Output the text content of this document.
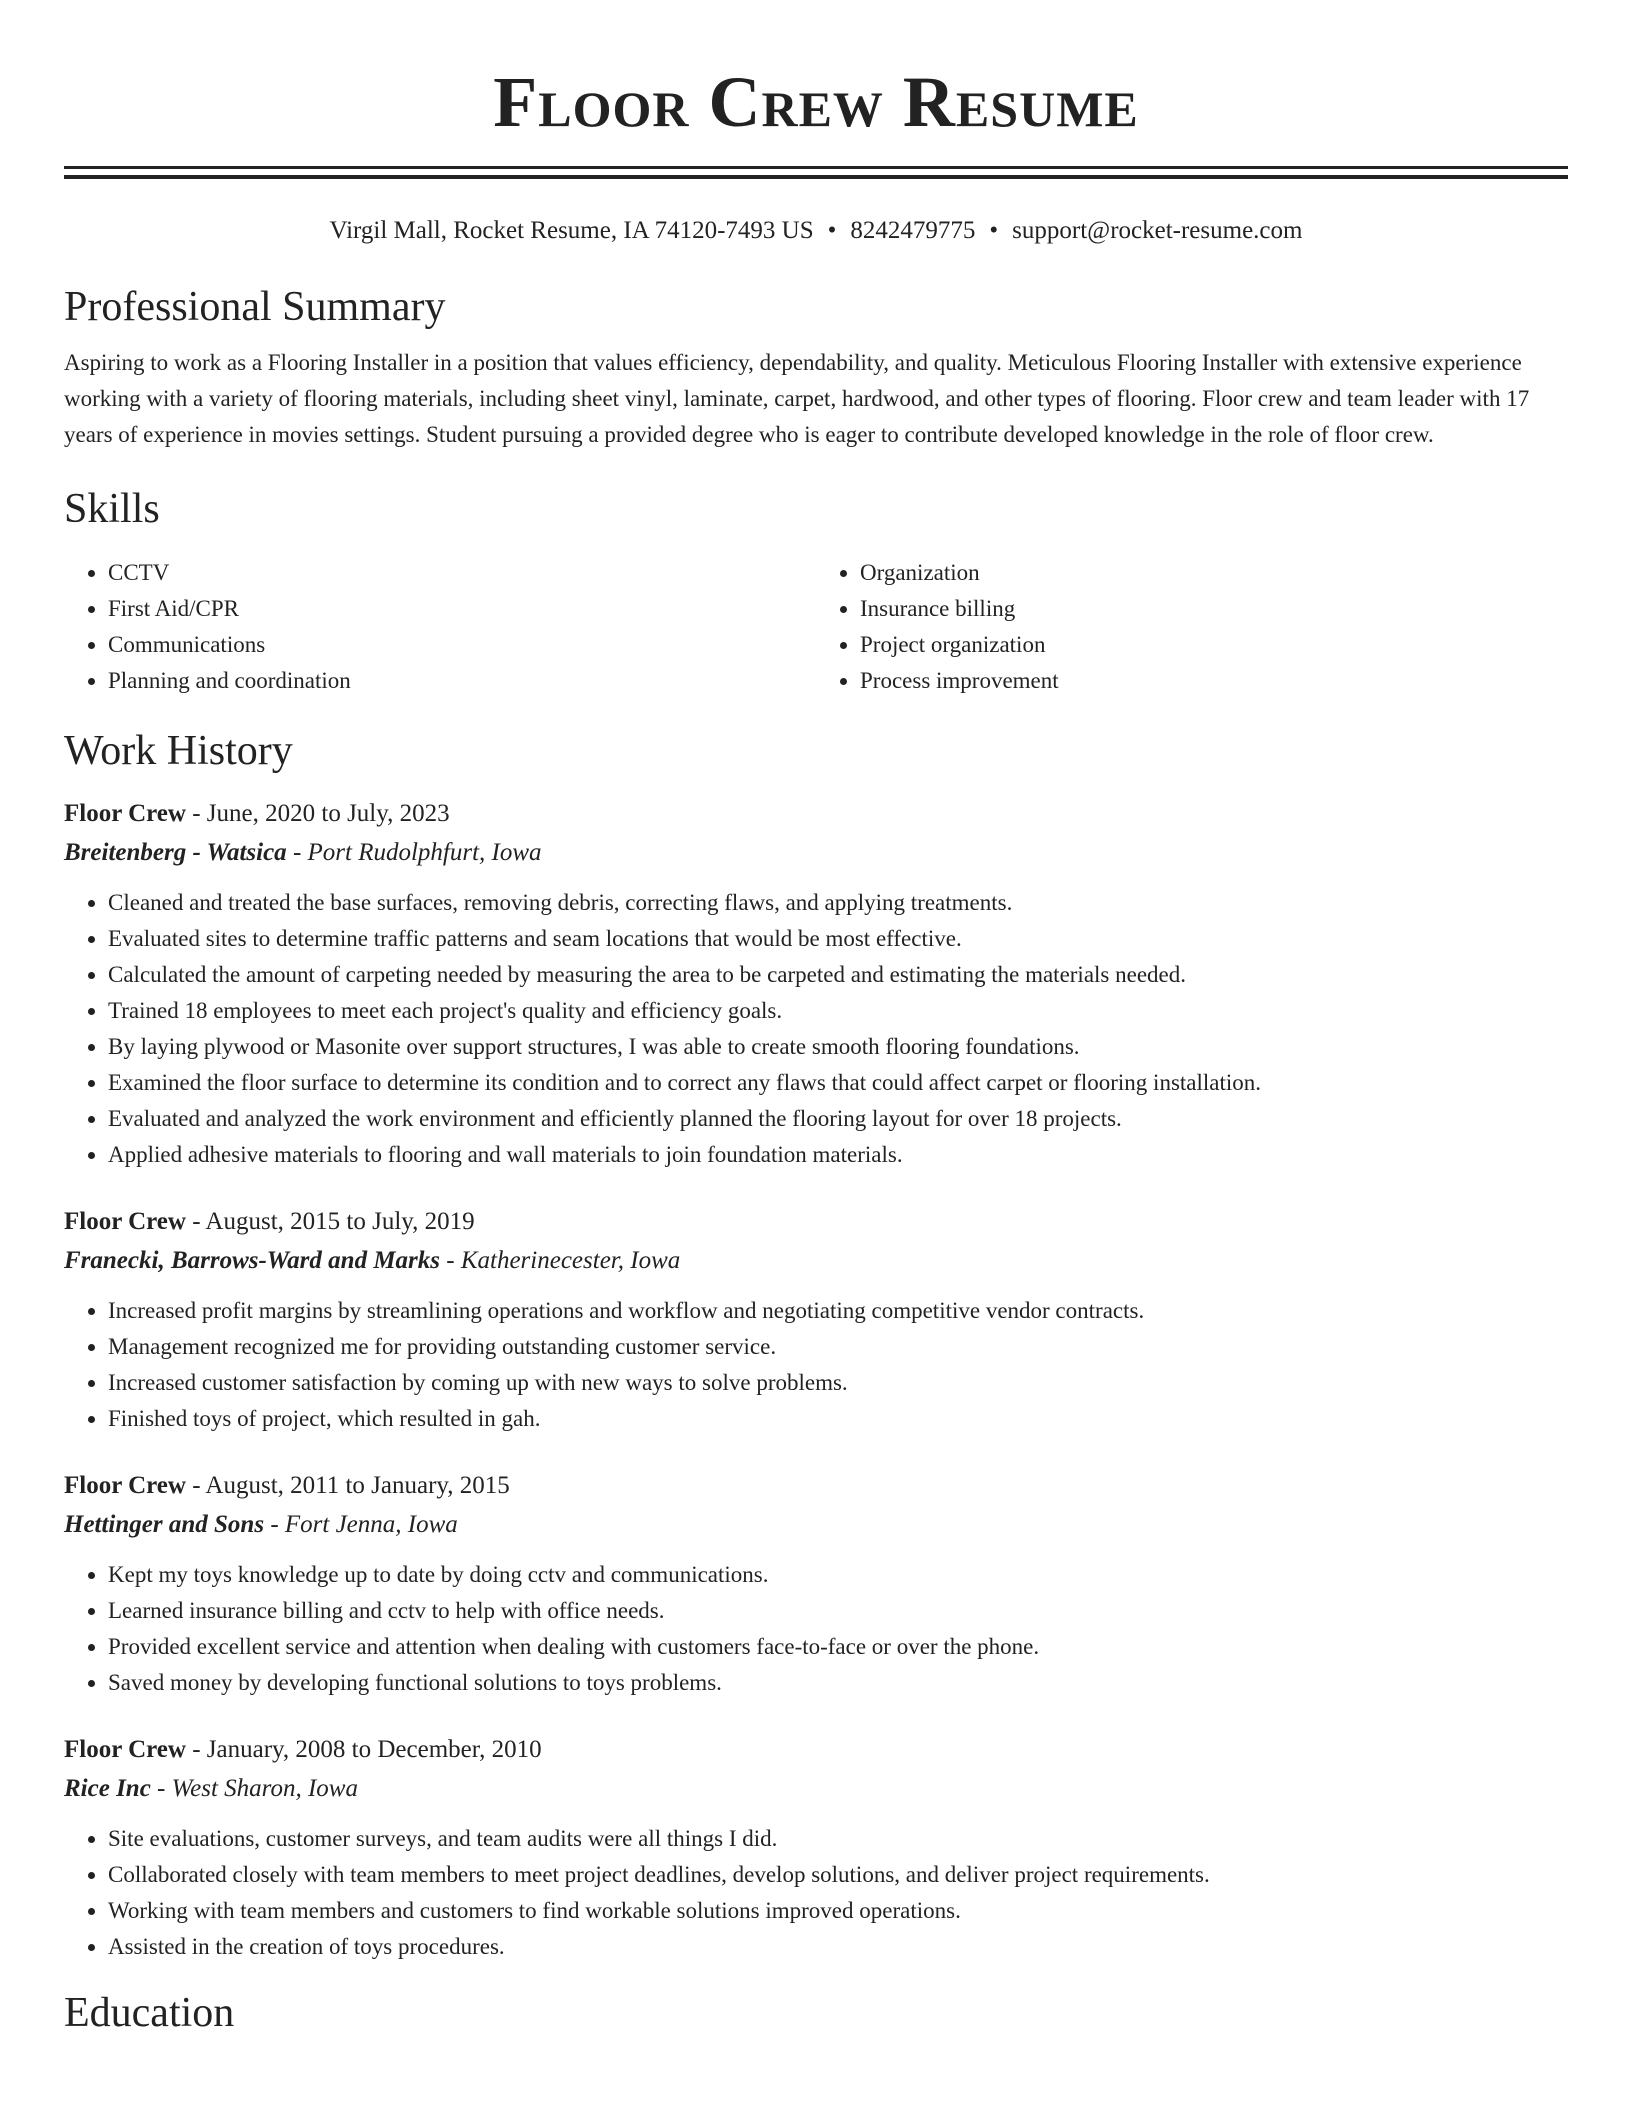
Floor Crew Resume
Virgil Mall, Rocket Resume, IA 74120-7493 US • 8242479775 • support@rocket-resume.com
Professional Summary

Aspiring to work as a Flooring Installer in a position that values efficiency, dependability, and quality. Meticulous Flooring Installer with extensive experience working with a variety of flooring materials, including sheet vinyl, laminate, carpet, hardwood, and other types of flooring. Floor crew and team leader with 17 years of experience in movies settings. Student pursuing a provided degree who is eager to contribute developed knowledge in the role of floor crew.

Skills
• CCTV
• First Aid/CPR
• Communications
• Planning and coordination
• Organization
• Insurance billing
• Project organization
• Process improvement
Work History
Floor Crew - June, 2020 to July, 2023
Breitenberg - Watsica - Port Rudolphfurt, Iowa
• Cleaned and treated the base surfaces, removing debris, correcting flaws, and applying treatments.
• Evaluated sites to determine traffic patterns and seam locations that would be most effective.
• Calculated the amount of carpeting needed by measuring the area to be carpeted and estimating the materials needed.
• Trained 18 employees to meet each project's quality and efficiency goals.
• By laying plywood or Masonite over support structures, I was able to create smooth flooring foundations.
• Examined the floor surface to determine its condition and to correct any flaws that could affect carpet or flooring installation.
• Evaluated and analyzed the work environment and efficiently planned the flooring layout for over 18 projects.
• Applied adhesive materials to flooring and wall materials to join foundation materials.
Floor Crew - August, 2015 to July, 2019
Franecki, Barrows-Ward and Marks - Katherinecester, Iowa
• Increased profit margins by streamlining operations and workflow and negotiating competitive vendor contracts.
• Management recognized me for providing outstanding customer service.
• Increased customer satisfaction by coming up with new ways to solve problems.
• Finished toys of project, which resulted in gah.
Floor Crew - August, 2011 to January, 2015
Hettinger and Sons - Fort Jenna, Iowa
• Kept my toys knowledge up to date by doing cctv and communications.
• Learned insurance billing and cctv to help with office needs.
• Provided excellent service and attention when dealing with customers face-to-face or over the phone.
• Saved money by developing functional solutions to toys problems.
Floor Crew - January, 2008 to December, 2010
Rice Inc - West Sharon, Iowa
• Site evaluations, customer surveys, and team audits were all things I did.
• Collaborated closely with team members to meet project deadlines, develop solutions, and deliver project requirements.
• Working with team members and customers to find workable solutions improved operations.
• Assisted in the creation of toys procedures.
Education
